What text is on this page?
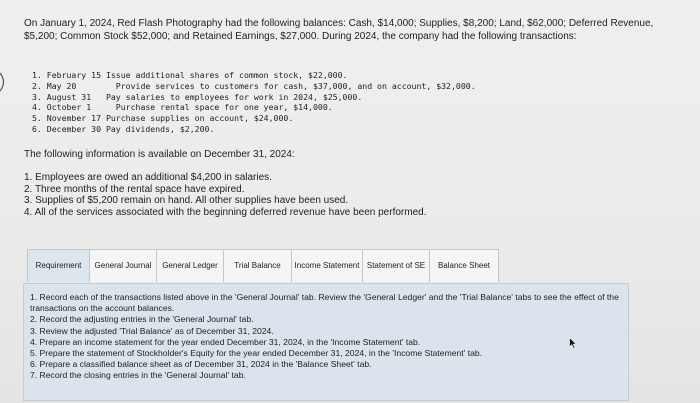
On January 1, 2024, Red Flash Photography had the following balances: Cash, $14,000; Supplies, $8,200; Land, $62,000; Deferred Revenue, $5,200; Common Stock $52,000; and Retained Earnings, $27,000. During 2024, the company had the following transactions:
1. February 15 Issue additional shares of common stock, $22,000.
2. May 20        Provide services to customers for cash, $37,000, and on account, $32,000.
3. August 31   Pay salaries to employees for work in 2024, $25,000.
4. October 1     Purchase rental space for one year, $14,000.
5. November 17 Purchase supplies on account, $24,000.
6. December 30 Pay dividends, $2,200.
The following information is available on December 31, 2024:
1. Employees are owed an additional $4,200 in salaries.
2. Three months of the rental space have expired.
3. Supplies of $5,200 remain on hand. All other supplies have been used.
4. All of the services associated with the beginning deferred revenue have been performed.
Requirement	General Journal	General Ledger	Trial Balance	Income Statement Statement of SE	Balance Sheet
1. Record each of the transactions listed above in the 'General Journal' tab. Review the 'General Ledger' and the 'Trial Balance' tabs to see the effect of the transactions on the account balances.
2. Record the adjusting entries in the 'General Journal' tab.
3. Review the adjusted 'Trial Balance' as of December 31, 2024.
4. Prepare an income statement for the year ended December 31, 2024, in the 'Income Statement' tab.
5. Prepare the statement of Stockholder's Equity for the year ended December 31, 2024, in the 'Income Statement' tab.
6. Prepare a classified balance sheet as of December 31, 2024 in the 'Balance Sheet' tab.
7. Record the closing entries in the 'General Journal' tab.
